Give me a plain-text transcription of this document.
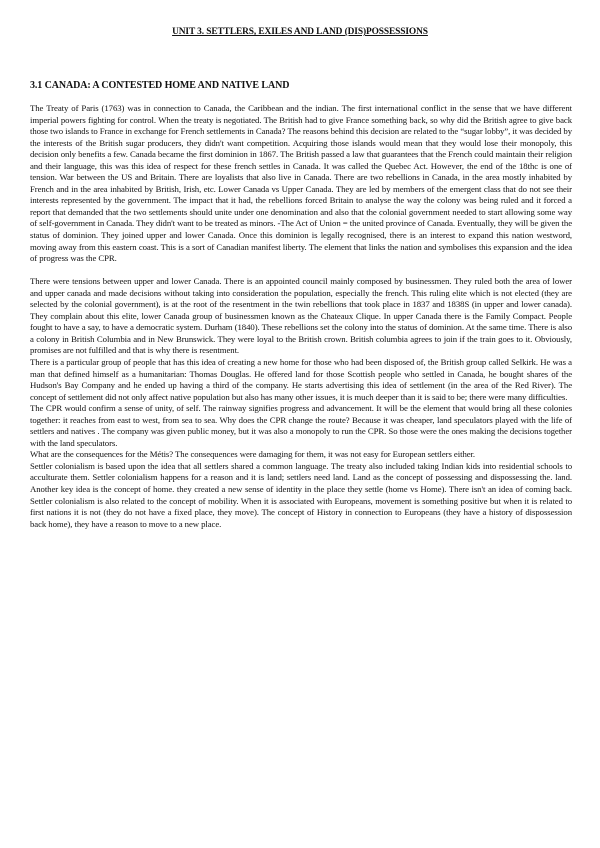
UNIT 3. SETTLERS, EXILES AND LAND (DIS)POSSESSIONS
3.1 CANADA: A CONTESTED HOME AND NATIVE LAND

The Treaty of Paris (1763) was in connection to Canada, the Caribbean and the indian. The first international conflict in the sense that we have different imperial powers fighting for control. When the treaty is negotiated. The British had to give France something back, so why did the British agree to give back those two islands to France in exchange for French settlements in Canada? The reasons behind this decision are related to the “sugar lobby”, it was decided by the interests of the British sugar producers, they didn't want competition. Acquiring those islands would mean that they would lose their monopoly, this decision only benefits a few. Canada became the first dominion in 1867. The British passed a law that guarantees that the French could maintain their religion and their language, this was this idea of respect for these french settles in Canada. It was called the Quebec Act. However, the end of the 18thc is one of tension. War between the US and Britain. There are loyalists that also live in Canada. There are two rebellions in Canada, in the area mostly inhabited by French and in the area inhabited by British, Irish, etc. Lower Canada vs Upper Canada. They are led by members of the emergent class that do not see their interests represented by the government. The impact that it had, the rebellions forced Britain to analyse the way the colony was being ruled and it forced a report that demanded that the two settlements should unite under one denomination and also that the colonial government needed to start allowing some way of self-government in Canada. They didn't want to be treated as minors. -The Act of Union = the united province of Canada. Eventually, they will be given the status of dominion. They joined upper and lower Canada. Once this dominion is legally recognised, there is an interest to expand this nation westword, moving away from this eastern coast. This is a sort of Canadian manifest liberty. The element that links the nation and symbolises this expansion and the idea of progress was the CPR.

There were tensions between upper and lower Canada. There is an appointed council mainly composed by businessmen. They ruled both the area of lower and upper canada and made decisions without taking into consideration the population, especially the french. This ruling elite which is not elected (they are selected by the colonial government), is at the root of the resentment in the twin rebellions that took place in 1837 and 1838S (in upper and lower canada). They complain about this elite, lower Canada group of businessmen known as the Chateaux Clique. In upper Canada there is the Family Compact. People fought to have a say, to have a democratic system. Durham (1840). These rebellions set the colony into the status of dominion. At the same time. There is also a colony in British Columbia and in New Brunswick. They were loyal to the British crown. British columbia agrees to join if the train goes to it. Obviously, promises are not fulfilled and that is why there is resentment.

There is a particular group of people that has this idea of creating a new home for those who had been disposed of, the British group called Selkirk. He was a man that defined himself as a humanitarian: Thomas Douglas. He offered land for those Scottish people who settled in Canada, he bought shares of the Hudson's Bay Company and he ended up having a third of the company. He starts advertising this idea of settlement (in the area of the Red River). The concept of settlement did not only affect native population but also has many other issues, it is much deeper than it is said to be; there were many difficulties.

The CPR would confirm a sense of unity, of self. The rainway signifies progress and advancement. It will be the element that would bring all these colonies together: it reaches from east to west, from sea to sea. Why does the CPR change the route? Because it was cheaper, land speculators played with the life of settlers and natives . The company was given public money, but it was also a monopoly to run the CPR. So those were the ones making the decisions together with the land speculators.

What are the consequences for the Métis? The consequences were damaging for them, it was not easy for European settlers either.

Settler colonialism is based upon the idea that all settlers shared a common language. The treaty also included taking Indian kids into residential schools to acculturate them. Settler colonialism happens for a reason and it is land; settlers need land. Land as the concept of possessing and dispossessing the. land. Another key idea is the concept of home. they created a new sense of identity in the place they settle (home vs Home). There isn't an idea of coming back. Settler colonialism is also related to the concept of mobility. When it is associated with Europeans, movement is something positive but when it is related to first nations it is not (they do not have a fixed place, they move). The concept of History in connection to Europeans (they have a history of dispossession back home), they have a reason to move to a new place.
